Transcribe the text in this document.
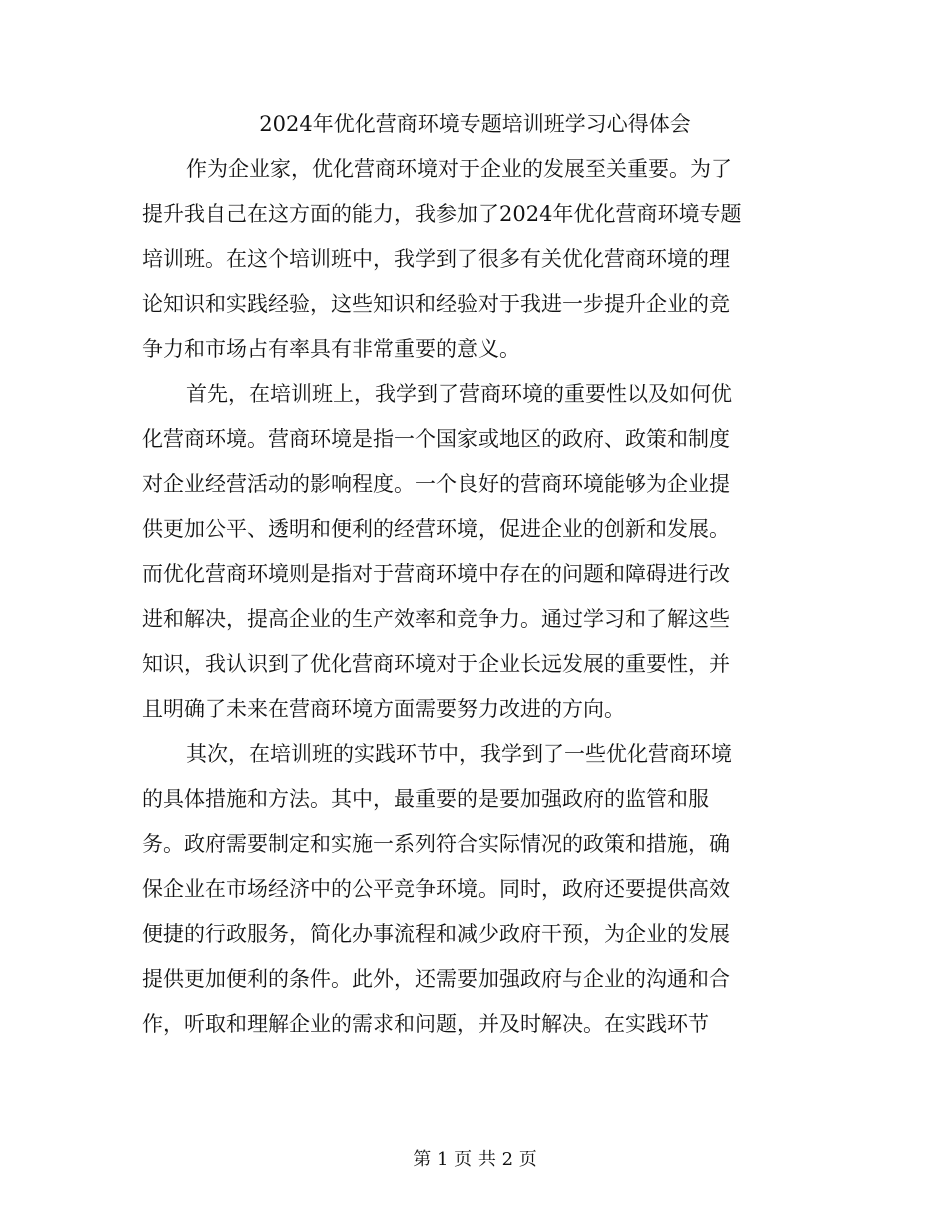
2024年优化营商环境专题培训班学习心得体会
作为企业家，优化营商环境对于企业的发展至关重要。为了
提升我自己在这方面的能力，我参加了2024年优化营商环境专题
培训班。在这个培训班中，我学到了很多有关优化营商环境的理
论知识和实践经验，这些知识和经验对于我进一步提升企业的竞
争力和市场占有率具有非常重要的意义。
首先，在培训班上，我学到了营商环境的重要性以及如何优
化营商环境。营商环境是指一个国家或地区的政府、政策和制度
对企业经营活动的影响程度。一个良好的营商环境能够为企业提
供更加公平、透明和便利的经营环境，促进企业的创新和发展。
而优化营商环境则是指对于营商环境中存在的问题和障碍进行改
进和解决，提高企业的生产效率和竞争力。通过学习和了解这些
知识，我认识到了优化营商环境对于企业长远发展的重要性，并
且明确了未来在营商环境方面需要努力改进的方向。
其次，在培训班的实践环节中，我学到了一些优化营商环境
的具体措施和方法。其中，最重要的是要加强政府的监管和服
务。政府需要制定和实施一系列符合实际情况的政策和措施，确
保企业在市场经济中的公平竞争环境。同时，政府还要提供高效
便捷的行政服务，简化办事流程和减少政府干预，为企业的发展
提供更加便利的条件。此外，还需要加强政府与企业的沟通和合
作，听取和理解企业的需求和问题，并及时解决。在实践环节
第 1 页 共 2 页
